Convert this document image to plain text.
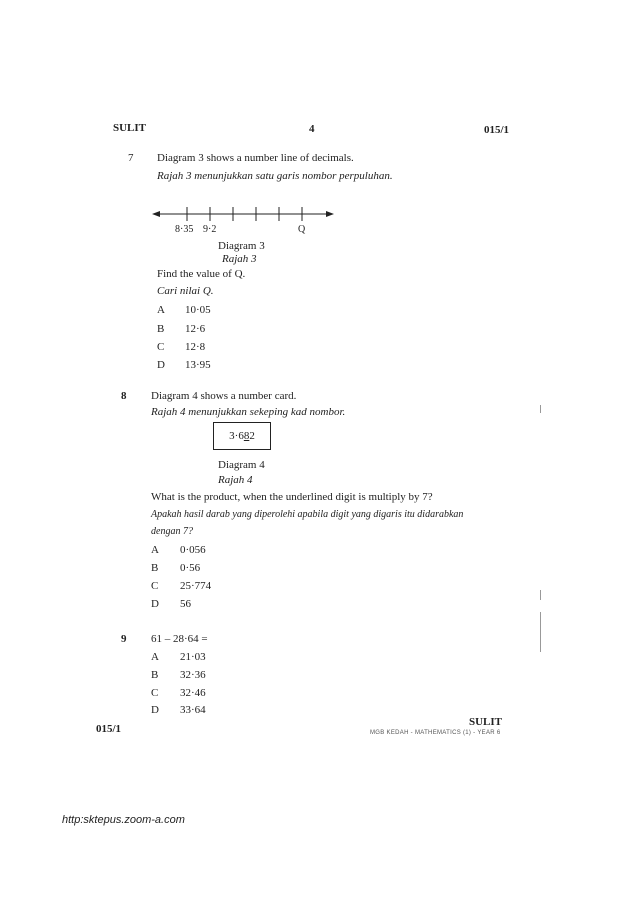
SULIT	4	015/1
7 Diagram 3 shows a number line of decimals.
Rajah 3 menunjukkan satu garis nombor perpuluhan.
8·35 9·2	Q
Diagram 3
Rajah 3
Find the value of Q.
Cari nilai Q.
A 10·05
B 12·6
C 12·8
D 13·95
8 Diagram 4 shows a number card.
Rajah 4 menunjukkan sekeping kad nombor.
3·682
Diagram 4
Rajah 4
What is the product, when the underlined digit is multiply by 7?
Apakah hasil darab yang diperolehi apabila digit yang digaris itu didarabkan
dengan 7?
A 0·056
B 0·56
C 25·774
D 56
9 61 – 28·64 =
A 21·03
B 32·36
C 32·46
D 33·64
015/1
SULIT
MGB KEDAH - MATHEMATICS (1) - YEAR 6
http:sktepus.zoom-a.com
